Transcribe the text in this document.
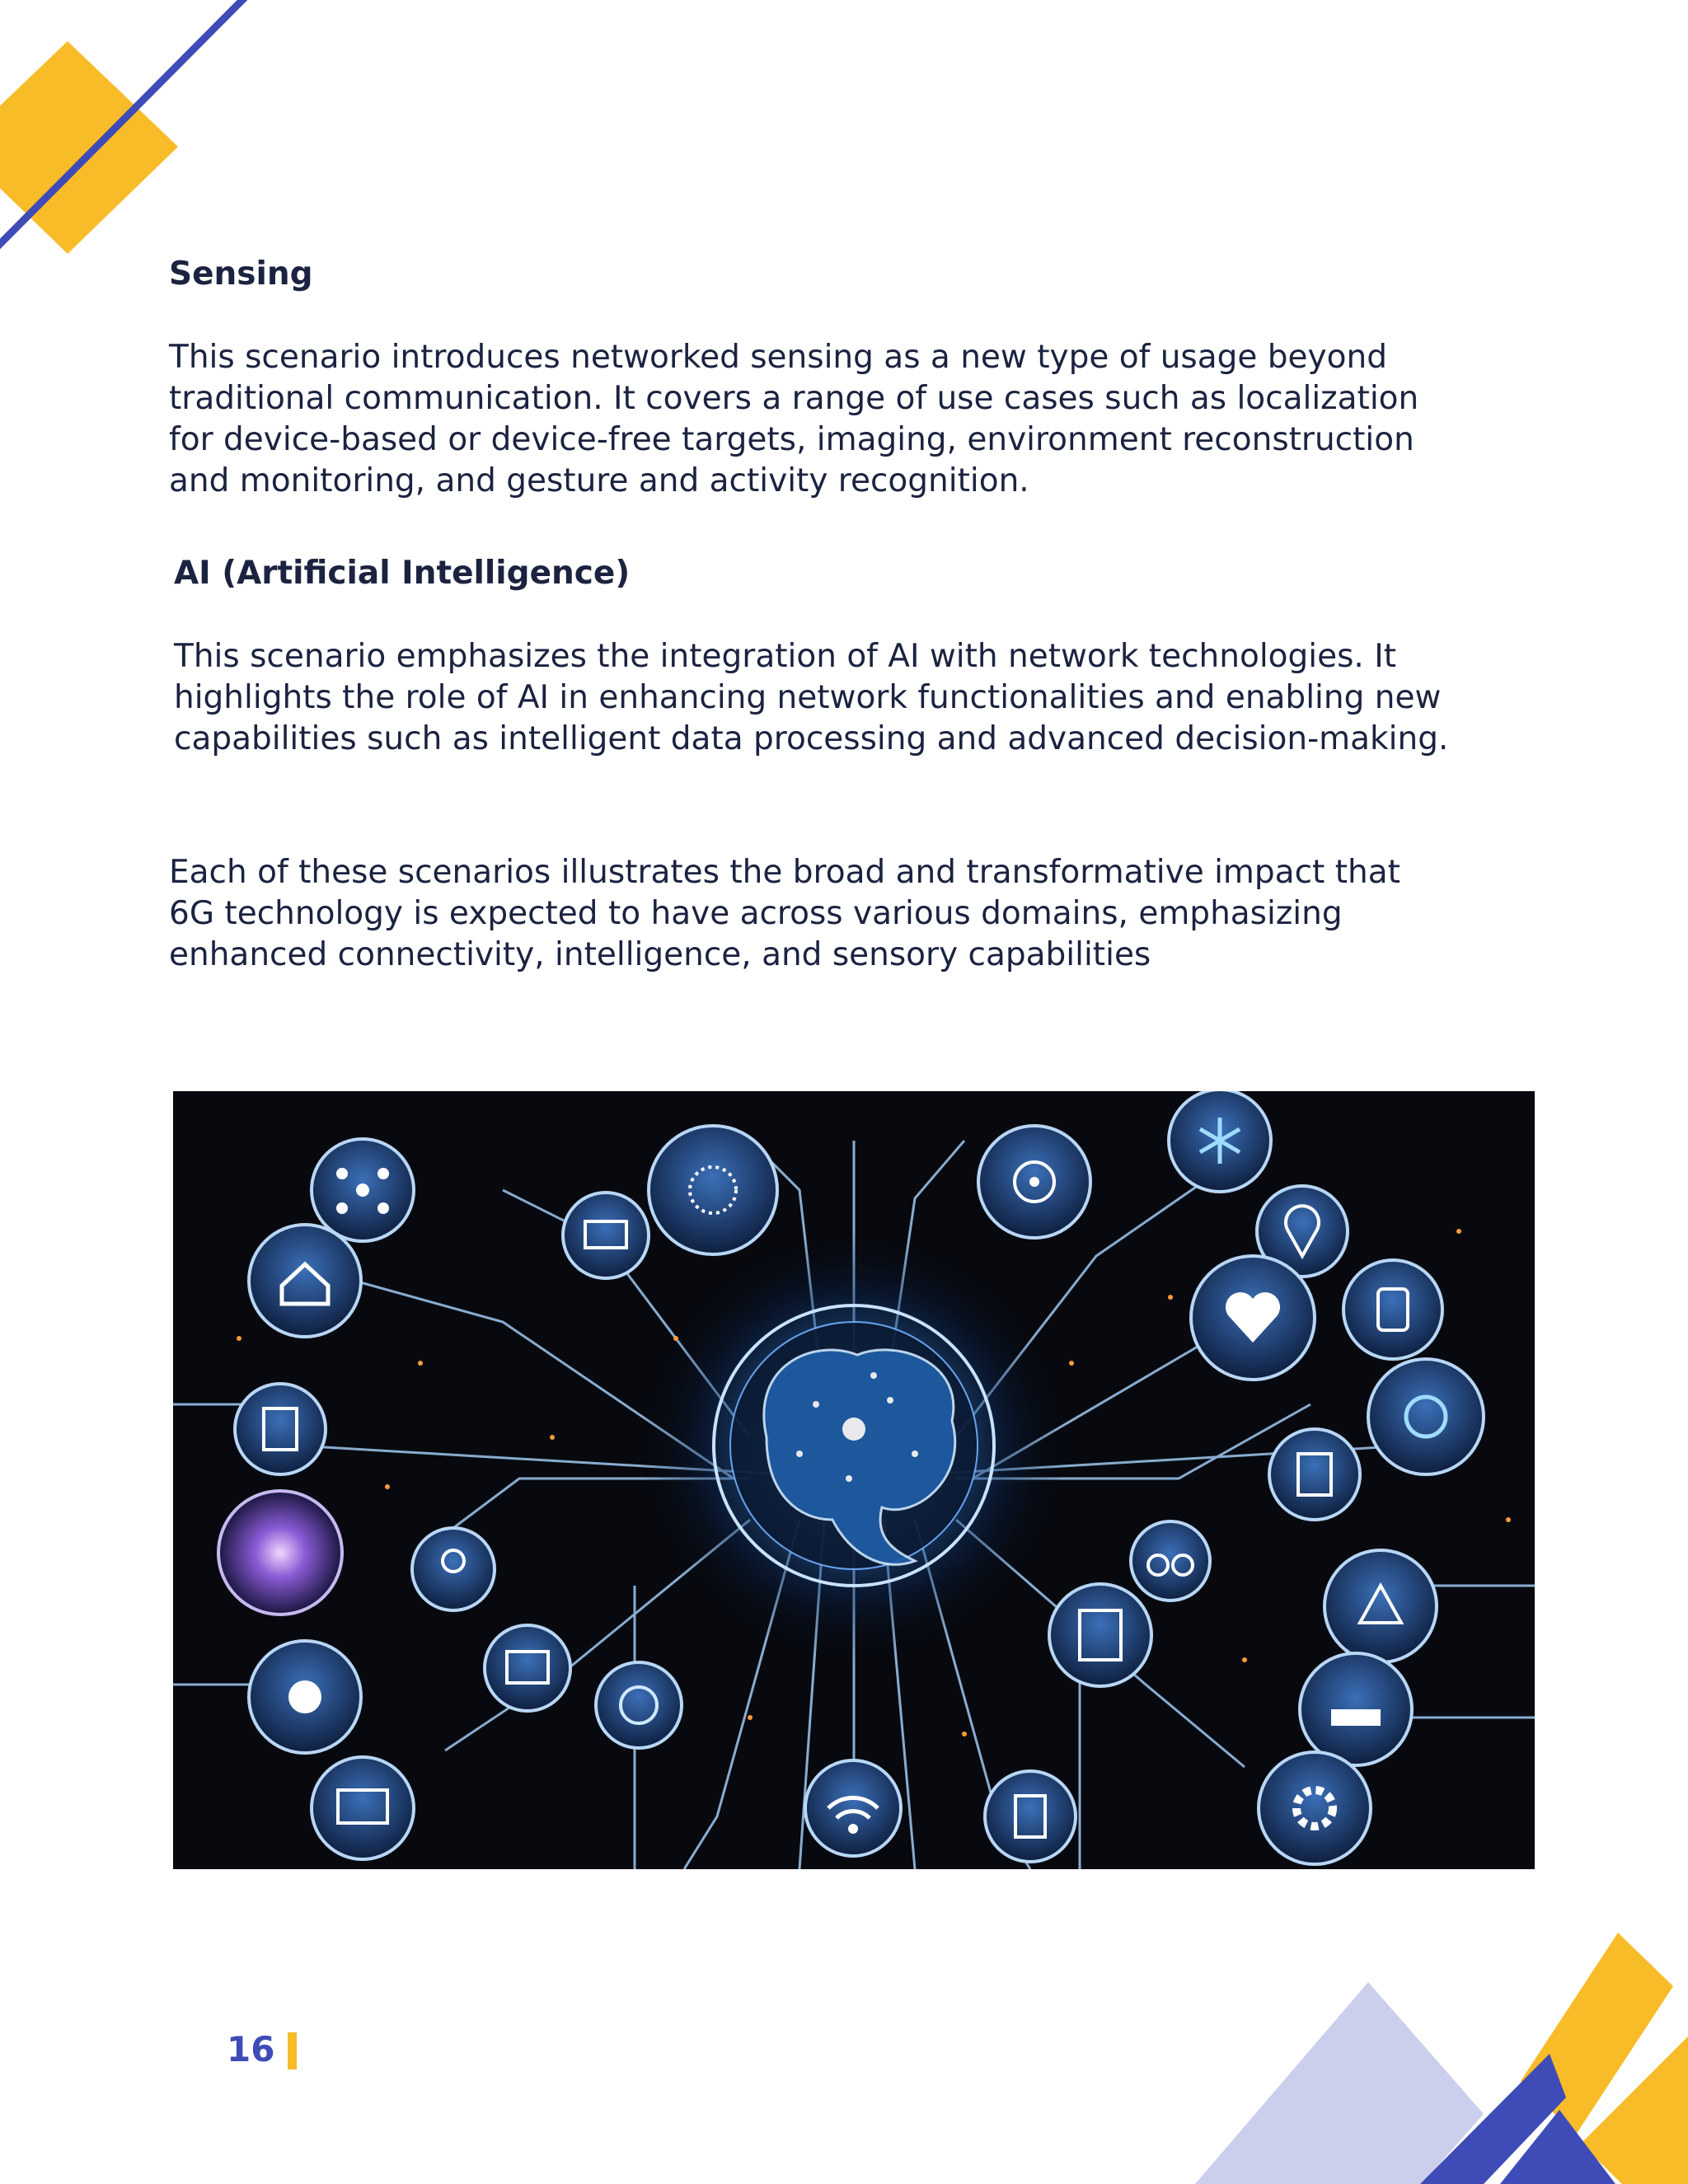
Sensing

This scenario introduces networked sensing as a new type of usage beyond traditional communication. It covers a range of use cases such as localization for device-based or device-free targets, imaging, environment reconstruction and monitoring, and gesture and activity recognition.

AI (Artificial Intelligence)

This scenario emphasizes the integration of AI with network technologies. It highlights the role of AI in enhancing network functionalities and enabling new capabilities such as intelligent data processing and advanced decision-making.

Each of these scenarios illustrates the broad and transformative impact that 6G technology is expected to have across various domains, emphasizing enhanced connectivity, intelligence, and sensory capabilities

16
